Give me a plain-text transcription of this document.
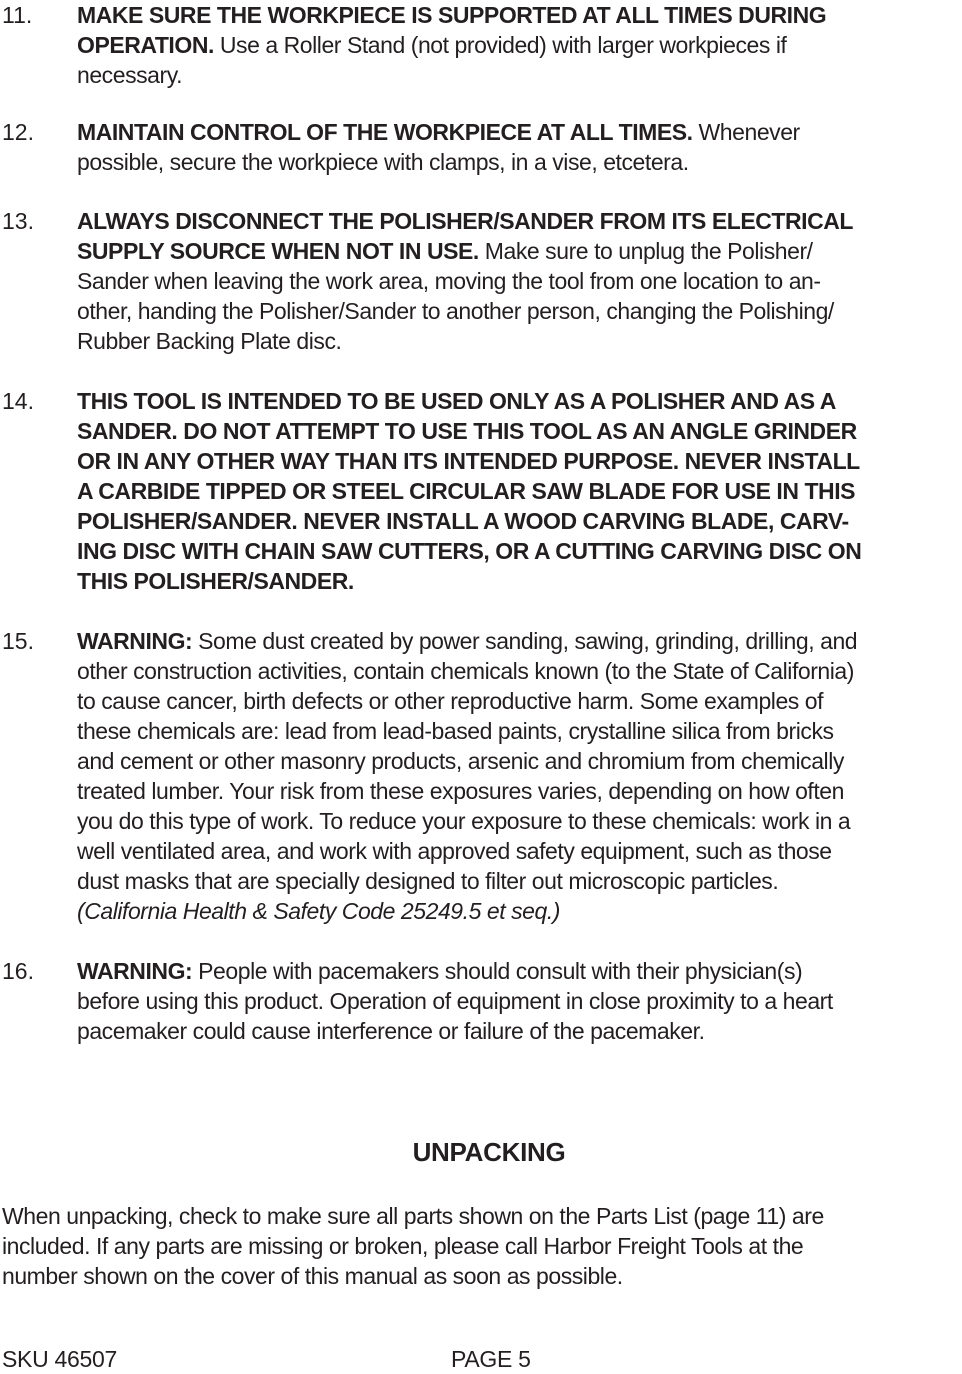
11. MAKE SURE THE WORKPIECE IS SUPPORTED AT ALL TIMES DURING
OPERATION. Use a Roller Stand (not provided) with larger workpieces if
necessary.
12. MAINTAIN CONTROL OF THE WORKPIECE AT ALL TIMES. Whenever
possible, secure the workpiece with clamps, in a vise, etcetera.
13. ALWAYS DISCONNECT THE POLISHER/SANDER FROM ITS ELECTRICAL
SUPPLY SOURCE WHEN NOT IN USE. Make sure to unplug the Polisher/
Sander when leaving the work area, moving the tool from one location to an-
other, handing the Polisher/Sander to another person, changing the Polishing/
Rubber Backing Plate disc.
14. THIS TOOL IS INTENDED TO BE USED ONLY AS A POLISHER AND AS A
SANDER. DO NOT ATTEMPT TO USE THIS TOOL AS AN ANGLE GRINDER
OR IN ANY OTHER WAY THAN ITS INTENDED PURPOSE. NEVER INSTALL
A CARBIDE TIPPED OR STEEL CIRCULAR SAW BLADE FOR USE IN THIS
POLISHER/SANDER. NEVER INSTALL A WOOD CARVING BLADE, CARV-
ING DISC WITH CHAIN SAW CUTTERS, OR A CUTTING CARVING DISC ON
THIS POLISHER/SANDER.
15. WARNING: Some dust created by power sanding, sawing, grinding, drilling, and
other construction activities, contain chemicals known (to the State of California)
to cause cancer, birth defects or other reproductive harm. Some examples of
these chemicals are: lead from lead-based paints, crystalline silica from bricks
and cement or other masonry products, arsenic and chromium from chemically
treated lumber. Your risk from these exposures varies, depending on how often
you do this type of work. To reduce your exposure to these chemicals: work in a
well ventilated area, and work with approved safety equipment, such as those
dust masks that are specially designed to filter out microscopic particles.
(California Health & Safety Code 25249.5 et seq.)
16. WARNING: People with pacemakers should consult with their physician(s)
before using this product. Operation of equipment in close proximity to a heart
pacemaker could cause interference or failure of the pacemaker.
UNPACKING
When unpacking, check to make sure all parts shown on the Parts List (page 11) are
included. If any parts are missing or broken, please call Harbor Freight Tools at the
number shown on the cover of this manual as soon as possible.
SKU 46507	PAGE 5
